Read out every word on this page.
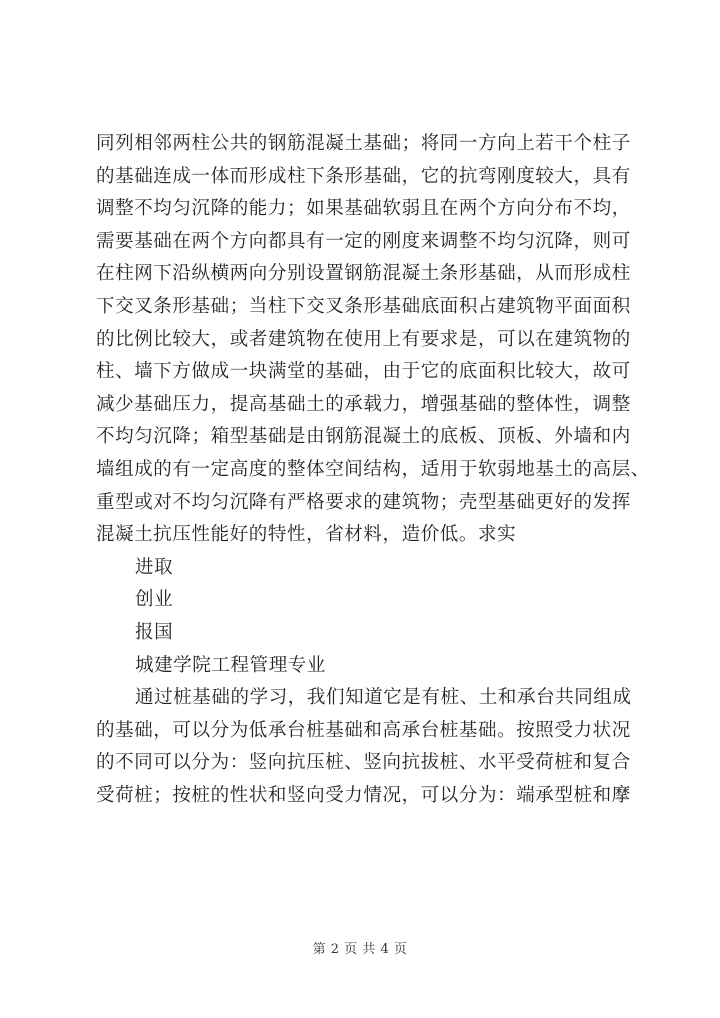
同列相邻两柱公共的钢筋混凝土基础；将同一方向上若干个柱子
的基础连成一体而形成柱下条形基础，它的抗弯刚度较大，具有
调整不均匀沉降的能力；如果基础软弱且在两个方向分布不均，
需要基础在两个方向都具有一定的刚度来调整不均匀沉降，则可
在柱网下沿纵横两向分别设置钢筋混凝土条形基础，从而形成柱
下交叉条形基础；当柱下交叉条形基础底面积占建筑物平面面积
的比例比较大，或者建筑物在使用上有要求是，可以在建筑物的
柱、墙下方做成一块满堂的基础，由于它的底面积比较大，故可
减少基础压力，提高基础土的承载力，增强基础的整体性，调整
不均匀沉降；箱型基础是由钢筋混凝土的底板、顶板、外墙和内
墙组成的有一定高度的整体空间结构，适用于软弱地基土的高层、
重型或对不均匀沉降有严格要求的建筑物；壳型基础更好的发挥
混凝土抗压性能好的特性，省材料，造价低。求实
进取
创业
报国
城建学院工程管理专业
通过桩基础的学习，我们知道它是有桩、土和承台共同组成
的基础，可以分为低承台桩基础和高承台桩基础。按照受力状况
的不同可以分为：竖向抗压桩、竖向抗拔桩、水平受荷桩和复合
受荷桩；按桩的性状和竖向受力情况，可以分为：端承型桩和摩
第 2 页 共 4 页
